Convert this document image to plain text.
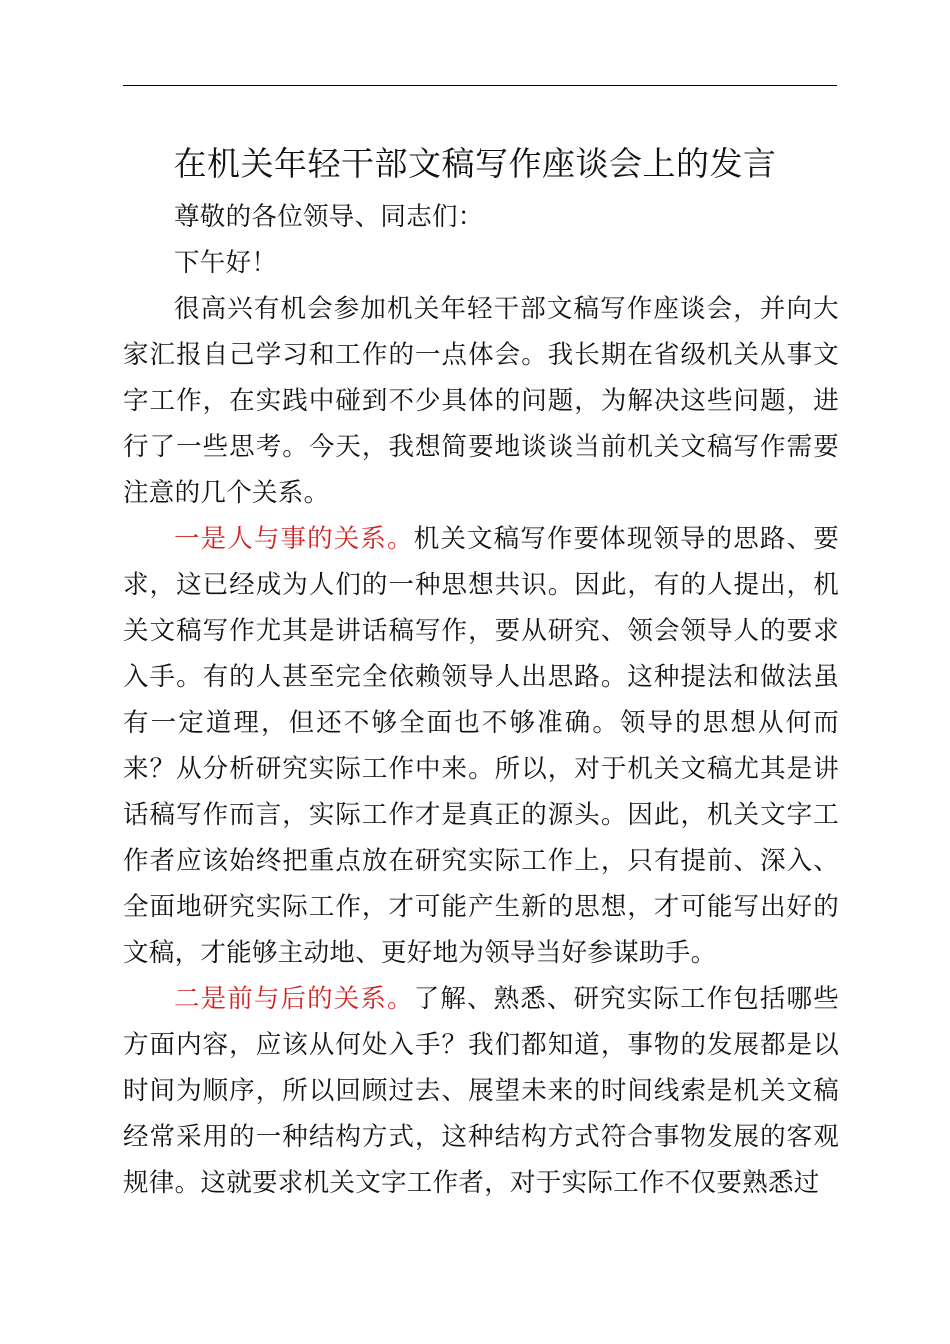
在机关年轻干部文稿写作座谈会上的发言

尊敬的各位领导、同志们：

下午好！

很高兴有机会参加机关年轻干部文稿写作座谈会，并向大家汇报自己学习和工作的一点体会。我长期在省级机关从事文字工作，在实践中碰到不少具体的问题，为解决这些问题，进行了一些思考。今天，我想简要地谈谈当前机关文稿写作需要注意的几个关系。

一是人与事的关系。机关文稿写作要体现领导的思路、要求，这已经成为人们的一种思想共识。因此，有的人提出，机关文稿写作尤其是讲话稿写作，要从研究、领会领导人的要求入手。有的人甚至完全依赖领导人出思路。这种提法和做法虽有一定道理，但还不够全面也不够准确。领导的思想从何而来？从分析研究实际工作中来。所以，对于机关文稿尤其是讲话稿写作而言，实际工作才是真正的源头。因此，机关文字工作者应该始终把重点放在研究实际工作上，只有提前、深入、全面地研究实际工作，才可能产生新的思想，才可能写出好的文稿，才能够主动地、更好地为领导当好参谋助手。

二是前与后的关系。了解、熟悉、研究实际工作包括哪些方面内容，应该从何处入手？我们都知道，事物的发展都是以时间为顺序，所以回顾过去、展望未来的时间线索是机关文稿经常采用的一种结构方式，这种结构方式符合事物发展的客观规律。这就要求机关文字工作者，对于实际工作不仅要熟悉过
